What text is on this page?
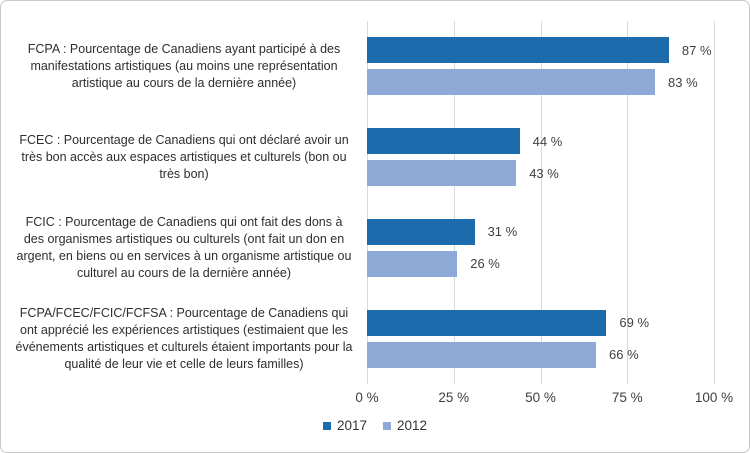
FCPA : Pourcentage de Canadiens ayant participé à des manifestations artistiques (au moins une représentation artistique au cours de la dernière année)
FCEC : Pourcentage de Canadiens qui ont déclaré avoir un très bon accès aux espaces artistiques et culturels (bon ou très bon)
FCIC : Pourcentage de Canadiens qui ont fait des dons à des organismes artistiques ou culturels (ont fait un don en argent, en biens ou en services à un organisme artistique ou culturel au cours de la dernière année)
FCPA/FCEC/FCIC/FCFSA : Pourcentage de Canadiens qui ont apprécié les expériences artistiques (estimaient que les événements artistiques et culturels étaient importants pour la qualité de leur vie et celle de leurs familles)
87 %
83 %
44 %
43 %
31 %
26 %
69 %
66 %
0 %	25 %	50 %	75 %	100 %
2017 2012
